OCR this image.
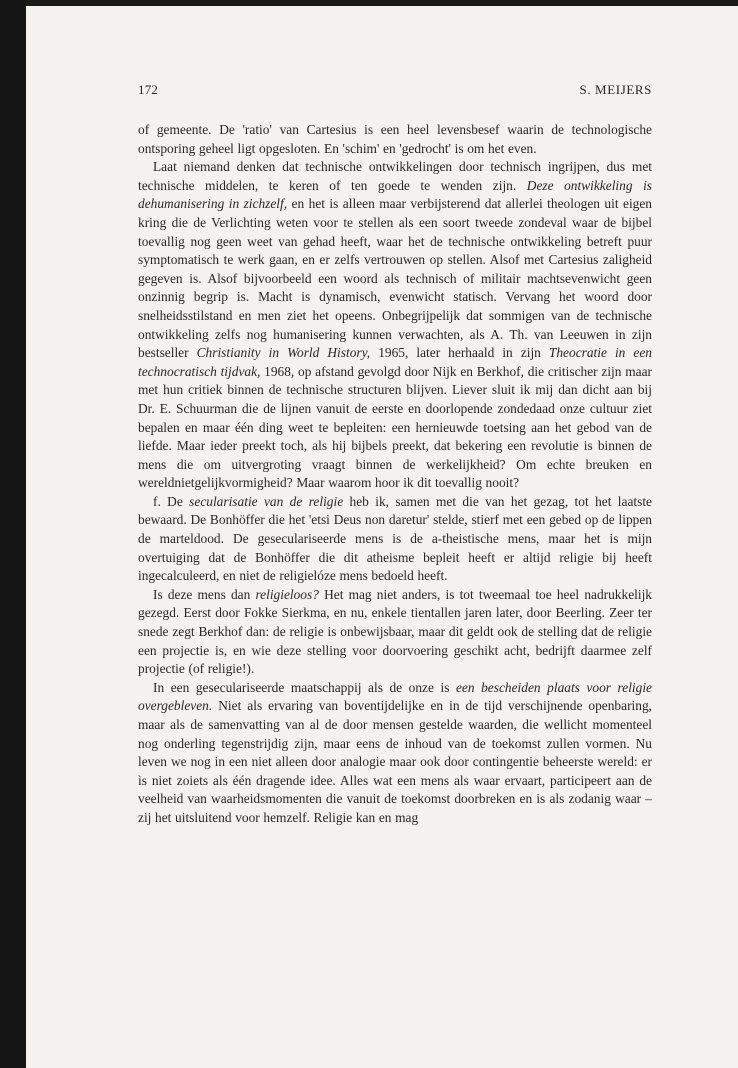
172	S. MEIJERS

of gemeente. De 'ratio' van Cartesius is een heel levensbesef waarin de technologische ontsporing geheel ligt opgesloten. En 'schim' en 'gedrocht' is om het even.

Laat niemand denken dat technische ontwikkelingen door technisch ingrijpen, dus met technische middelen, te keren of ten goede te wenden zijn. Deze ontwikkeling is dehumanisering in zichzelf, en het is alleen maar verbijsterend dat allerlei theologen uit eigen kring die de Verlichting weten voor te stellen als een soort tweede zondeval waar de bijbel toevallig nog geen weet van gehad heeft, waar het de technische ontwikkeling betreft puur symptomatisch te werk gaan, en er zelfs vertrouwen op stellen. Alsof met Cartesius zaligheid gegeven is. Alsof bijvoorbeeld een woord als technisch of militair machtsevenwicht geen onzinnig begrip is. Macht is dynamisch, evenwicht statisch. Vervang het woord door snelheidsstilstand en men ziet het opeens. Onbegrijpelijk dat sommigen van de technische ontwikkeling zelfs nog humanisering kunnen verwachten, als A. Th. van Leeuwen in zijn bestseller Christianity in World History, 1965, later herhaald in zijn Theocratie in een technocratisch tijdvak, 1968, op afstand gevolgd door Nijk en Berkhof, die critischer zijn maar met hun critiek binnen de technische structuren blijven. Liever sluit ik mij dan dicht aan bij Dr. E. Schuurman die de lijnen vanuit de eerste en doorlopende zondedaad onze cultuur ziet bepalen en maar één ding weet te bepleiten: een hernieuwde toetsing aan het gebod van de liefde. Maar ieder preekt toch, als hij bijbels preekt, dat bekering een revolutie is binnen de mens die om uitvergroting vraagt binnen de werkelijkheid? Om echte breuken en wereldnietgelijkvormigheid? Maar waarom hoor ik dit toevallig nooit?

f. De secularisatie van de religie heb ik, samen met die van het gezag, tot het laatste bewaard. De Bonhöffer die het 'etsi Deus non daretur' stelde, stierf met een gebed op de lippen de marteldood. De geseculariseerde mens is de a-theistische mens, maar het is mijn overtuiging dat de Bonhöffer die dit atheisme bepleit heeft er altijd religie bij heeft ingecalculeerd, en niet de religielóze mens bedoeld heeft.

Is deze mens dan religieloos? Het mag niet anders, is tot tweemaal toe heel nadrukkelijk gezegd. Eerst door Fokke Sierkma, en nu, enkele tientallen jaren later, door Beerling. Zeer ter snede zegt Berkhof dan: de religie is onbewijsbaar, maar dit geldt ook de stelling dat de religie een projectie is, en wie deze stelling voor doorvoering geschikt acht, bedrijft daarmee zelf projectie (of religie!).

In een geseculariseerde maatschappij als de onze is een bescheiden plaats voor religie overgebleven. Niet als ervaring van boventijdelijke en in de tijd verschijnende openbaring, maar als de samenvatting van al de door mensen gestelde waarden, die wellicht momenteel nog onderling tegenstrijdig zijn, maar eens de inhoud van de toekomst zullen vormen. Nu leven we nog in een niet alleen door analogie maar ook door contingentie beheerste wereld: er ìs niet zoiets als één dragende idee. Alles wat een mens als waar ervaart, participeert aan de veelheid van waarheidsmomenten die vanuit de toekomst doorbreken en is als zodanig waar – zij het uitsluitend voor hemzelf. Religie kan en mag
